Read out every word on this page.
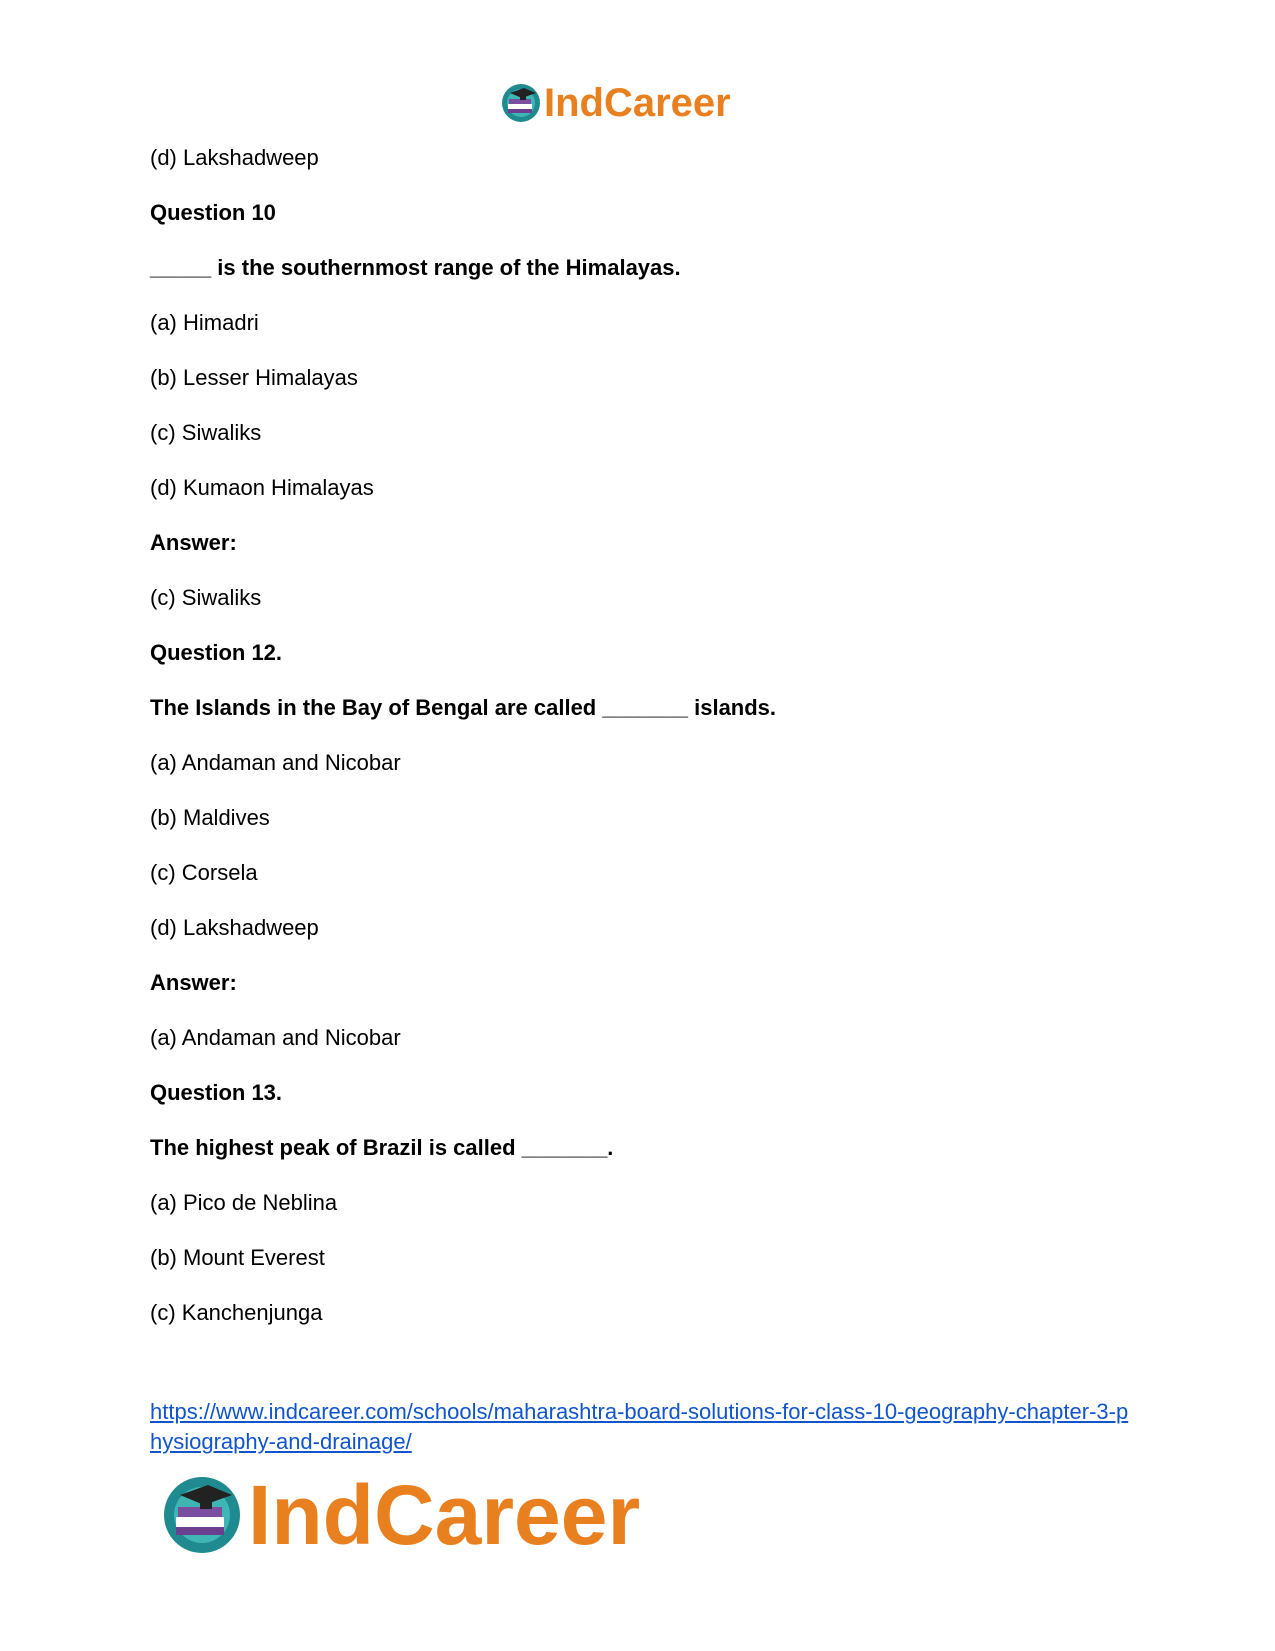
IndCareer
(d) Lakshadweep
Question 10
_____ is the southernmost range of the Himalayas.
(a) Himadri
(b) Lesser Himalayas
(c) Siwaliks
(d) Kumaon Himalayas
Answer:
(c) Siwaliks
Question 12.
The Islands in the Bay of Bengal are called _______ islands.
(a) Andaman and Nicobar
(b) Maldives
(c) Corsela
(d) Lakshadweep
Answer:
(a) Andaman and Nicobar
Question 13.
The highest peak of Brazil is called _______.
(a) Pico de Neblina
(b) Mount Everest
(c) Kanchenjunga
https://www.indcareer.com/schools/maharashtra-board-solutions-for-class-10-geography-chapter-3-physiography-and-drainage/
IndCareer
